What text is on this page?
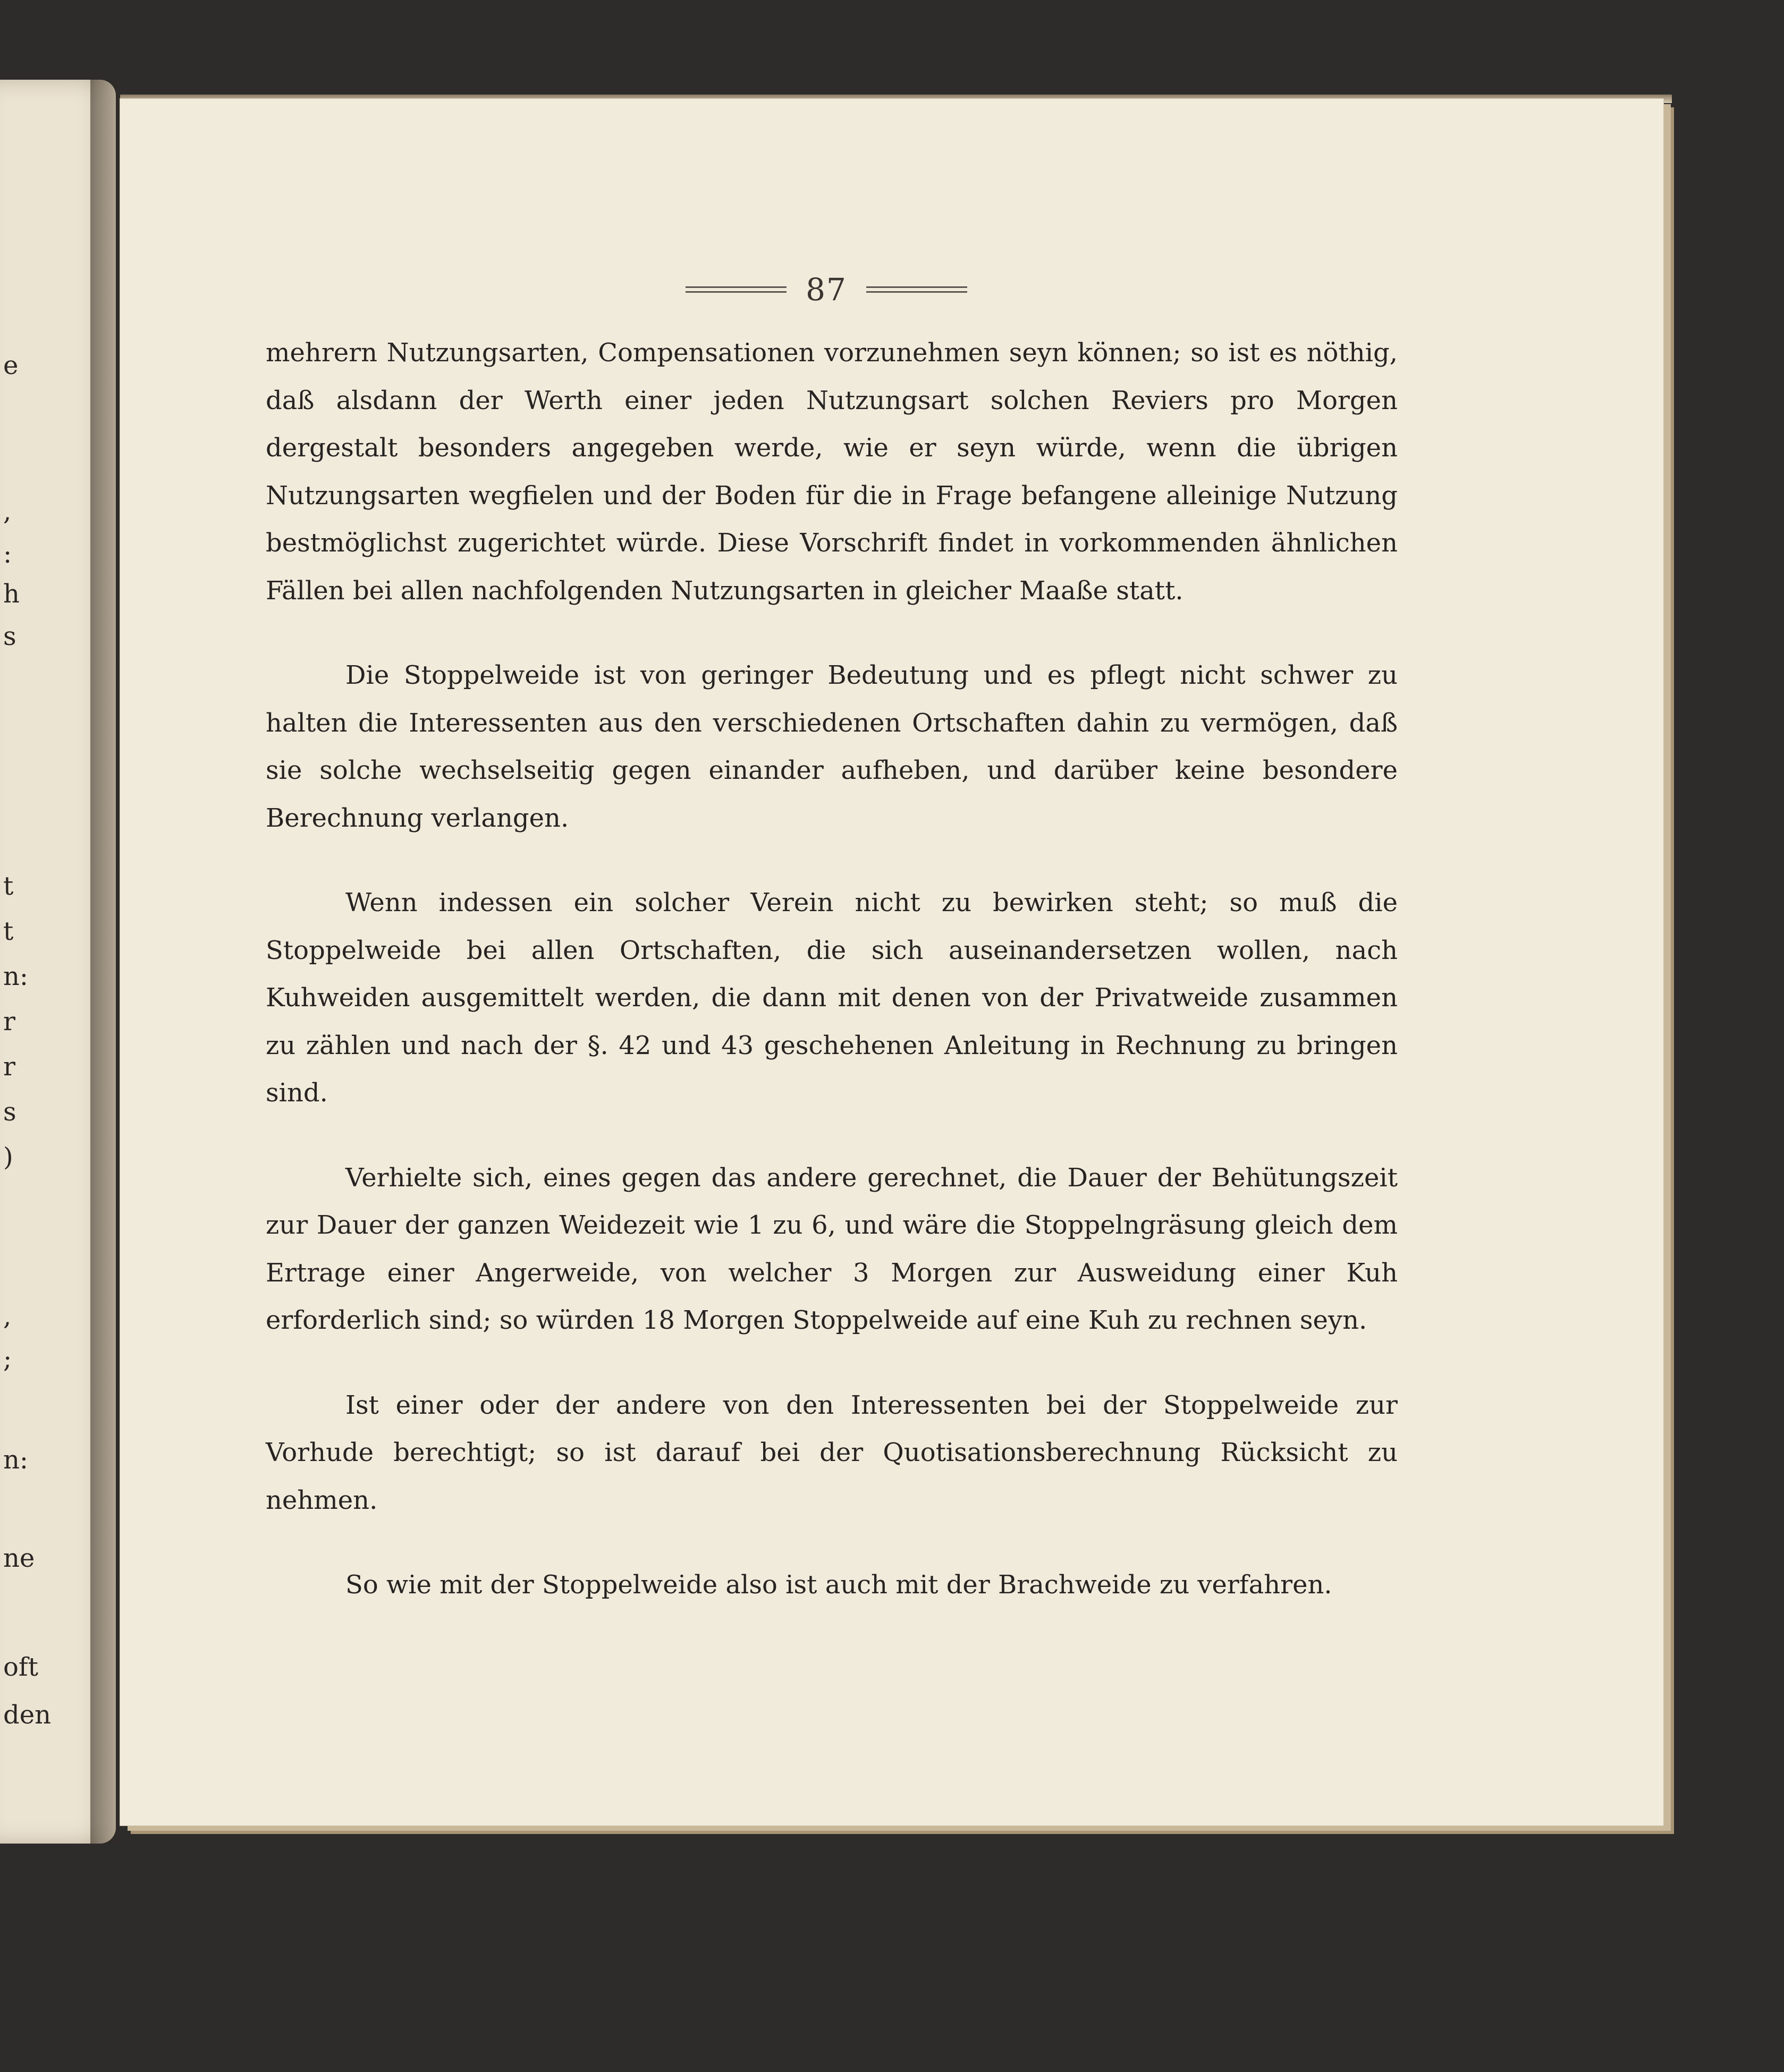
e
,
:
h
s
t
t
n:
r
r
s
)
,
;
n:
ne
oft
den
87

mehrern Nutzungsarten, Compensationen vorzunehmen seyn können; so ist es nöthig, daß alsdann der Werth einer jeden Nutzungsart solchen Reviers pro Morgen dergestalt besonders angegeben werde, wie er seyn würde, wenn die übrigen Nutzungsarten wegfielen und der Boden für die in Frage befangene alleinige Nutzung bestmöglichst zugerichtet würde. Diese Vorschrift findet in vorkommenden ähnlichen Fällen bei allen nachfolgenden Nutzungsarten in gleicher Maaße statt.

Die Stoppelweide ist von geringer Bedeutung und es pflegt nicht schwer zu halten die Interessenten aus den verschiedenen Ortschaften dahin zu vermögen, daß sie solche wechselseitig gegen einander aufheben, und darüber keine besondere Berechnung verlangen.

Wenn indessen ein solcher Verein nicht zu bewirken steht; so muß die Stoppelweide bei allen Ortschaften, die sich auseinandersetzen wollen, nach Kuhweiden ausgemittelt werden, die dann mit denen von der Privatweide zusammen zu zählen und nach der §. 42 und 43 geschehenen Anleitung in Rechnung zu bringen sind.

Verhielte sich, eines gegen das andere gerechnet, die Dauer der Behütungszeit zur Dauer der ganzen Weidezeit wie 1 zu 6, und wäre die Stoppelngräsung gleich dem Ertrage einer Angerweide, von welcher 3 Morgen zur Ausweidung einer Kuh erforderlich sind; so würden 18 Morgen Stoppelweide auf eine Kuh zu rechnen seyn.

Ist einer oder der andere von den Interessenten bei der Stoppelweide zur Vorhude berechtigt; so ist darauf bei der Quotisationsberechnung Rücksicht zu nehmen.

So wie mit der Stoppelweide also ist auch mit der Brachweide zu verfahren.
